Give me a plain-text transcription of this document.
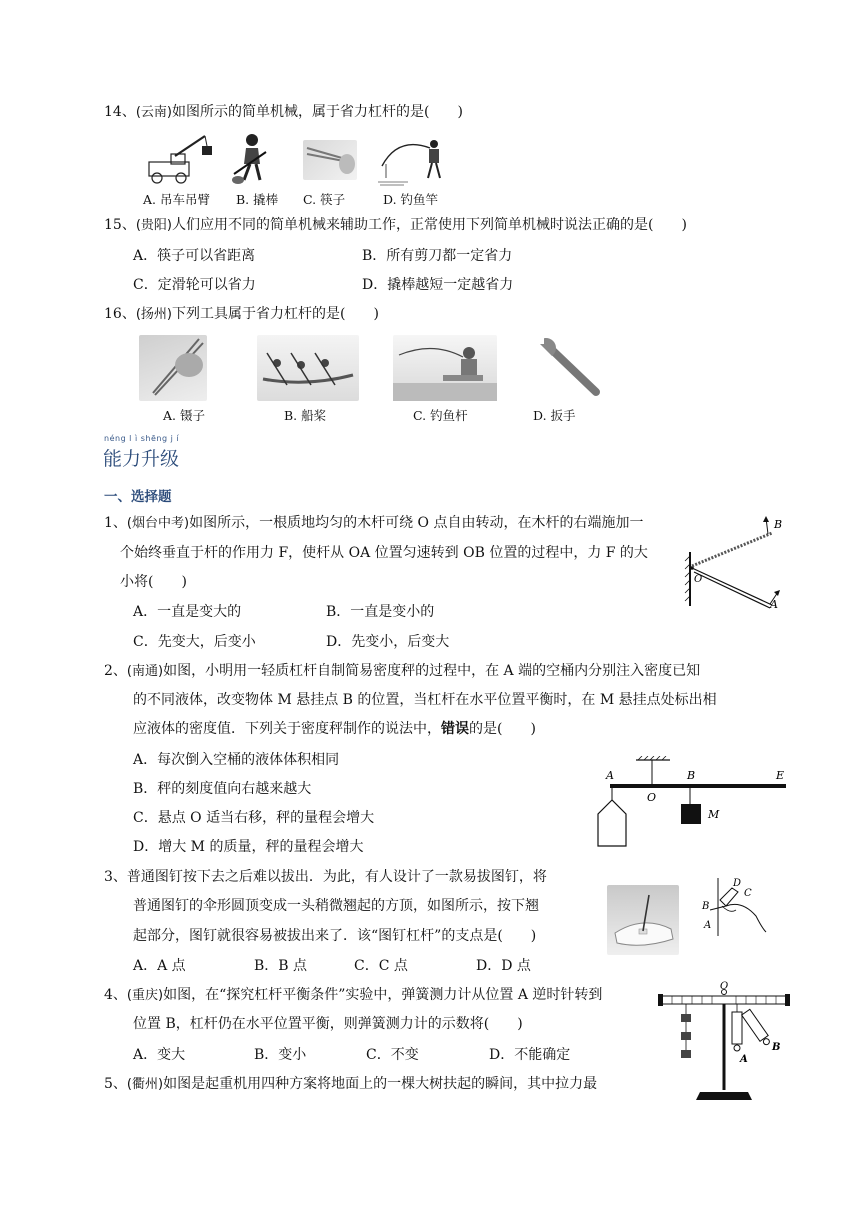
14、(云南)如图所示的简单机械，属于省力杠杆的是(　　)
A. 吊车吊臂 B. 撬棒 C. 筷子	D. 钓鱼竿
15、(贵阳)人们应用不同的简单机械来辅助工作，正常使用下列简单机械时说法正确的是(　　)
A．筷子可以省距离	B．所有剪刀都一定省力
C．定滑轮可以省力	D．撬棒越短一定越省力
16、(扬州)下列工具属于省力杠杆的是(　　)
A. 镊子	B. 船桨	C. 钓鱼杆	D. 扳手
néng l ì shēng j í
能力升级
一、选择题
1、(烟台中考)如图所示，一根质地均匀的木杆可绕 O 点自由转动，在木杆的右端施加一
个始终垂直于杆的作用力 F，使杆从 OA 位置匀速转到 OB 位置的过程中，力 F 的大
小将(　　)
A．一直是变大的	B．一直是变小的
C．先变大，后变小	D．先变小，后变大
B
O
A
2、(南通)如图，小明用一轻质杠杆自制简易密度秤的过程中，在 A 端的空桶内分别注入密度已知
的不同液体，改变物体 M 悬挂点 B 的位置，当杠杆在水平位置平衡时，在 M 悬挂点处标出相
应液体的密度值．下列关于密度秤制作的说法中，错误的是(　　)
A．每次倒入空桶的液体体积相同
B．秤的刻度值向右越来越大
C．悬点 O 适当右移，秤的量程会增大
D．增大 M 的质量，秤的量程会增大
A	B	E
O
M
3、普通图钉按下去之后难以拔出．为此，有人设计了一款易拔图钉，将
普通图钉的伞形圆顶变成一头稍微翘起的方顶，如图所示，按下翘
起部分，图钉就很容易被拔出来了．该“图钉杠杆”的支点是(　　)
A．A 点	B．B 点	C．C 点	D．D 点
D
C
B
A
4、(重庆)如图，在“探究杠杆平衡条件”实验中，弹簧测力计从位置 A 逆时针转到
位置 B，杠杆仍在水平位置平衡，则弹簧测力计的示数将(　　)
A．变大	B．变小	C．不变	D．不能确定
O
A
B
5、(衢州)如图是起重机用四种方案将地面上的一棵大树扶起的瞬间，其中拉力最
